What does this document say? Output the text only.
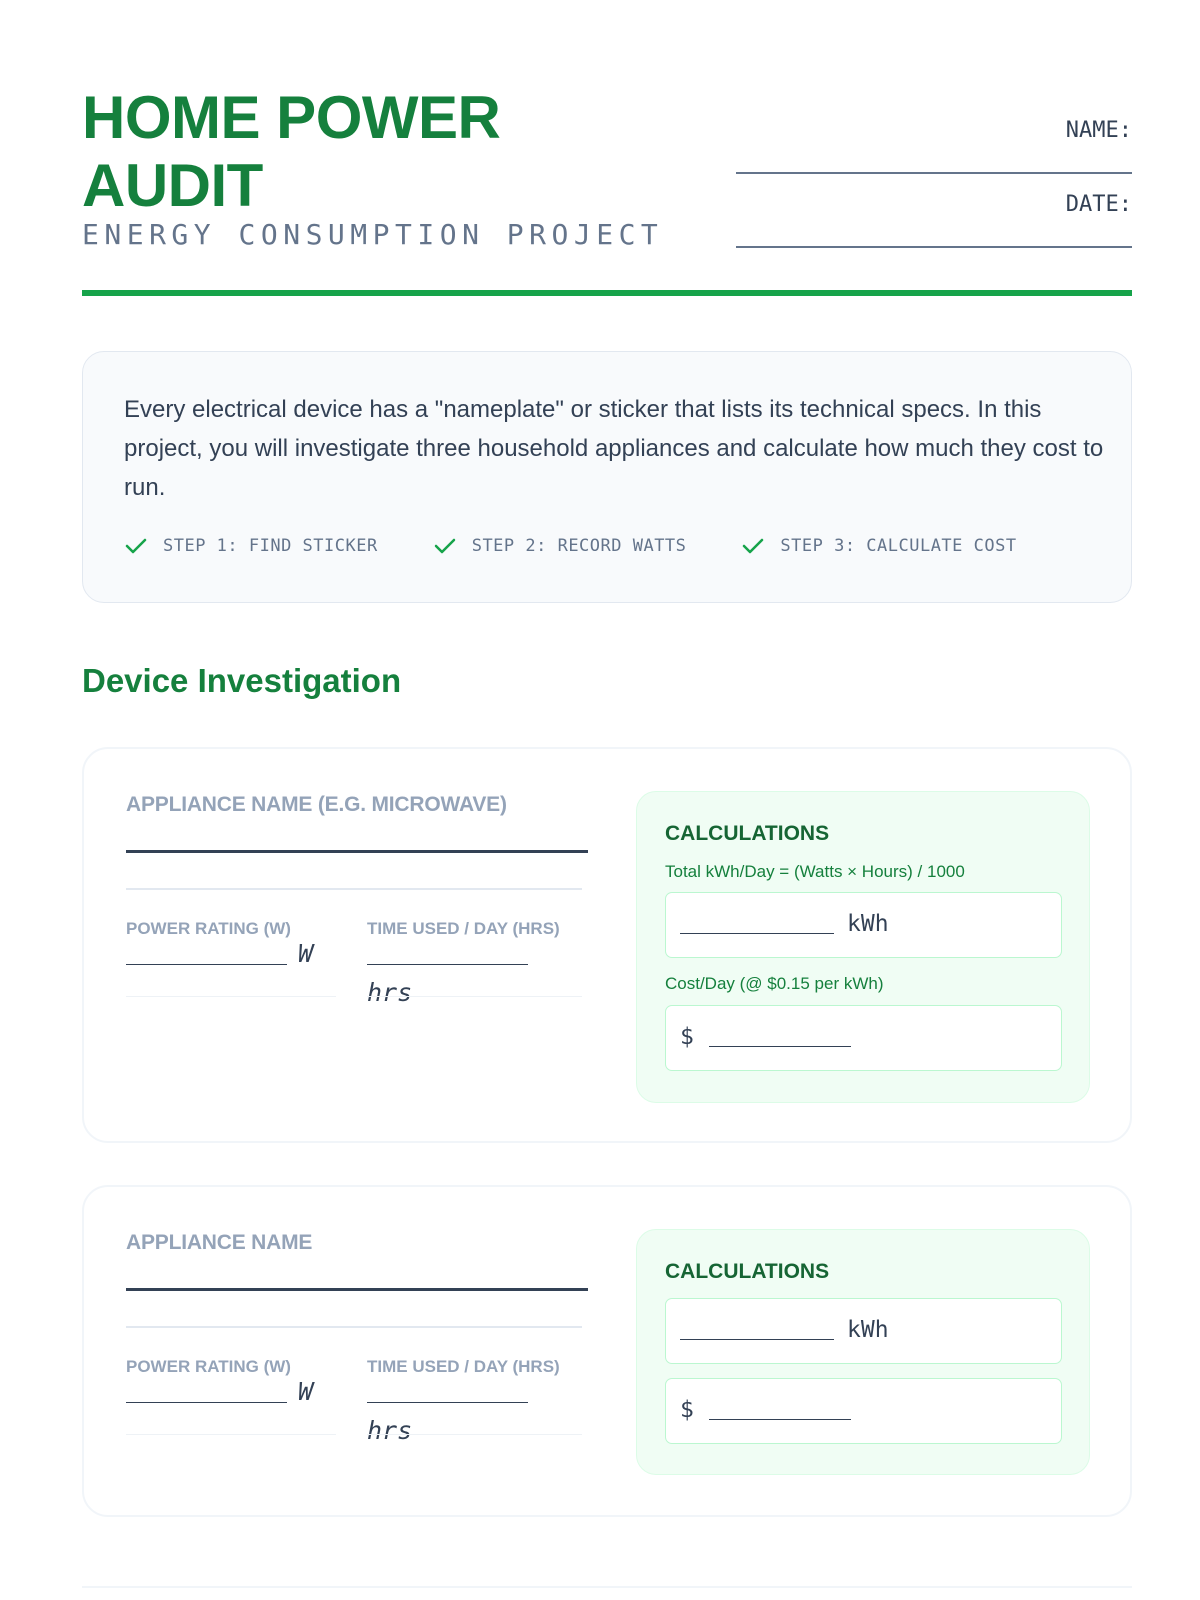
HOME POWER AUDIT
ENERGY CONSUMPTION PROJECT
NAME:
DATE:
Every electrical device has a "nameplate" or sticker that lists its technical specs. In this project, you will investigate three household appliances and calculate how much they cost to run.
STEP 1: FIND STICKER	STEP 2: RECORD WATTS	STEP 3: CALCULATE COST
Device Investigation
APPLIANCE NAME (E.G. MICROWAVE)
POWER RATING (W)
W
TIME USED / DAY (HRS)
hrs
CALCULATIONS
Total kWh/Day = (Watts × Hours) / 1000
kWh
Cost/Day (@ $0.15 per kWh)
$
APPLIANCE NAME
POWER RATING (W)
W
TIME USED / DAY (HRS)
hrs
CALCULATIONS
kWh
$
